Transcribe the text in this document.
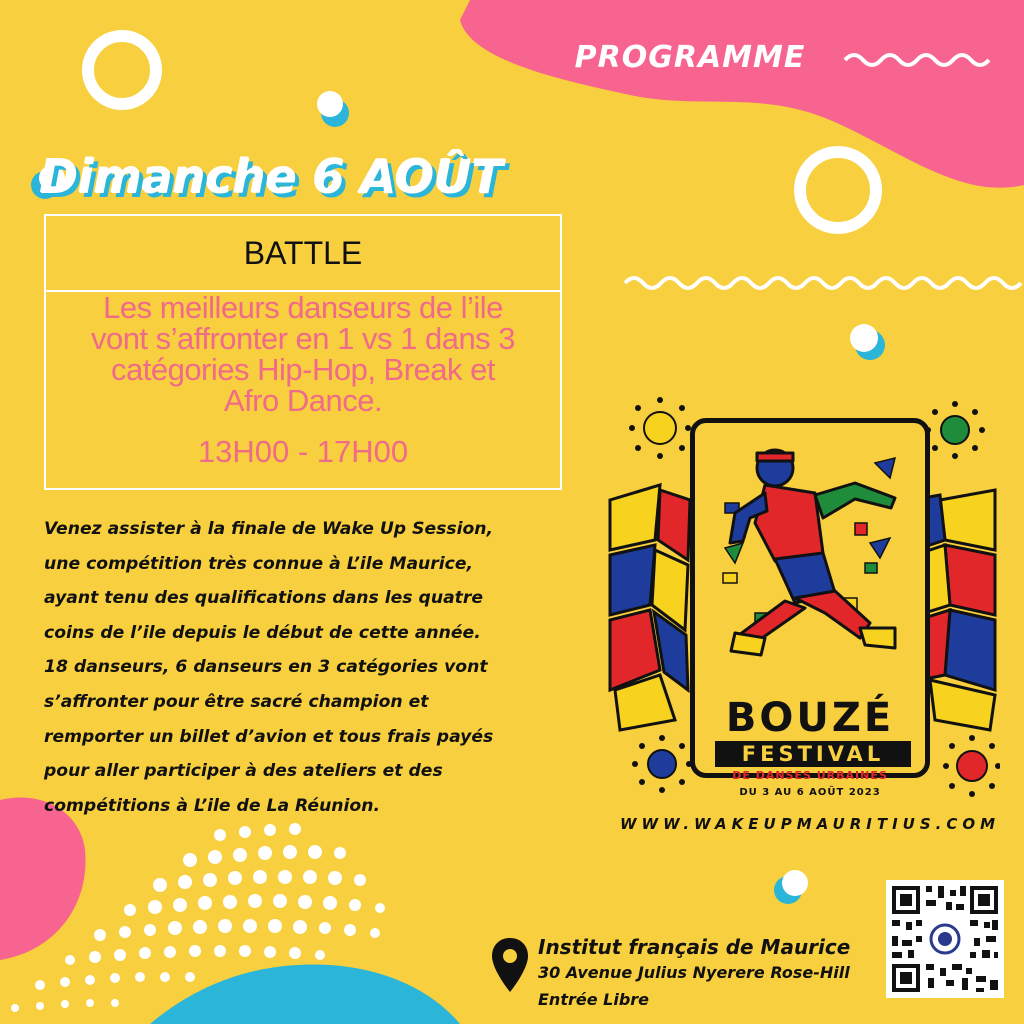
PROGRAMME
Dimanche 6 AOÛT
BATTLE
Les meilleurs danseurs de l’ile
vont s’affronter en 1 vs 1 dans 3
catégories Hip-Hop, Break et
Afro Dance.
13H00 - 17H00

Venez assister à la finale de Wake Up Session,

une compétition très connue à L’ile Maurice,

ayant tenu des qualifications dans les quatre

coins de l’ile depuis le début de cette année.

18 danseurs, 6 danseurs en 3 catégories vont

s’affronter pour être sacré champion et

remporter un billet d’avion et tous frais payés

pour aller participer à des ateliers et des

compétitions à L’ile de La Réunion.

BOUZÉ
FESTIVAL
DE DANSES URBAINES
DU 3 AU 6 AOÛT 2023
WWW.WAKEUPMAURITIUS.COM
Institut français de Maurice
30 Avenue Julius Nyerere Rose-Hill
Entrée Libre
